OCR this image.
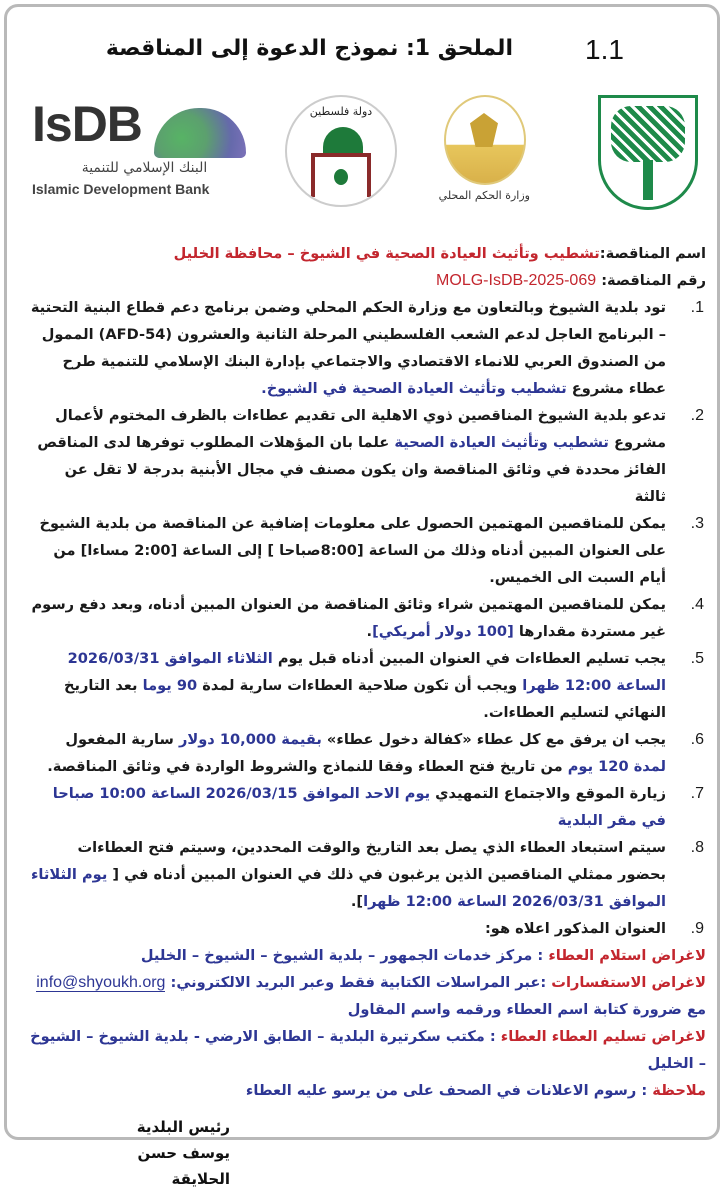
1.1
الملحق 1: نموذج الدعوة إلى المناقصة
IsDB
البنك الإسلامي للتنمية
Islamic Development Bank
دولة فلسطين
وزارة الحكم المحلي

اسم المناقصة:تشطيب وتأثيث العيادة الصحية في الشيوخ – محافظة الخليل

رقم المناقصة: MOLG-IsDB-2025-069

1.
تود بلدية الشيوخ وبالتعاون مع وزارة الحكم المحلي وضمن برنامج دعم قطاع البنية التحتية – البرنامج العاجل لدعم الشعب الفلسطيني المرحلة الثانية والعشرون (AFD-54) الممول من الصندوق العربي للانماء الاقتصادي والاجتماعي بإدارة البنك الإسلامي للتنمية طرح عطاء مشروع تشطيب وتأثيث العيادة الصحية في الشيوخ.

2.
تدعو بلدية الشيوخ المناقصين ذوي الاهلية الى تقديم عطاءات بالظرف المختوم لأعمال مشروع تشطيب وتأثيث العيادة الصحية علما بان المؤهلات المطلوب توفرها لدى المناقص الفائز محددة في وثائق المناقصة وان يكون مصنف في مجال الأبنية بدرجة لا تقل عن ثالثة

3.
يمكن للمناقصين المهتمين الحصول على معلومات إضافية عن المناقصة من بلدية الشيوخ على العنوان المبين أدناه وذلك من الساعة [8:00صباحا ] إلى الساعة [2:00 مساءا] من أيام السبت الى الخميس.

4.
يمكن للمناقصين المهتمين شراء وثائق المناقصة من العنوان المبين أدناه، وبعد دفع رسوم غير مستردة مقدارها [100 دولار أمريكي].

5.
يجب تسليم العطاءات في العنوان المبين أدناه قبل يوم الثلاثاء الموافق 2026/03/31 الساعة 12:00 ظهرا ويجب أن تكون صلاحية العطاءات سارية لمدة 90 يوما بعد التاريخ النهائي لتسليم العطاءات.

6.
يجب ان يرفق مع كل عطاء «كفالة دخول عطاء» بقيمة 10,000 دولار سارية المفعول لمدة 120 يوم من تاريخ فتح العطاء وفقا للنماذج والشروط الواردة في وثائق المناقصة.

7.
زيارة الموقع والاجتماع التمهيدي يوم الاحد الموافق 2026/03/15 الساعة 10:00 صباحا في مقر البلدية

8.
سيتم استبعاد العطاء الذي يصل بعد التاريخ والوقت المحددين، وسيتم فتح العطاءات بحضور ممثلي المناقصين الذين يرغبون في ذلك في العنوان المبين أدناه في [ يوم الثلاثاء الموافق 2026/03/31 الساعة 12:00 ظهرا].

9.
العنوان المذكور اعلاه هو:

لاغراض استلام العطاء : مركز خدمات الجمهور – بلدية الشيوخ – الشيوخ – الخليل

لاغراض الاستفسارات :عبر المراسلات الكتابية فقط وعبر البريد الالكتروني: info@shyoukh.org

مع ضرورة كتابة اسم العطاء ورقمه واسم المقاول

لاغراض تسليم العطاء العطاء : مكتب سكرتيرة البلدية – الطابق الارضي - بلدية الشيوخ – الشيوخ – الخليل

ملاحظة : رسوم الاعلانات في الصحف على من يرسو عليه العطاء

رئيس البلدية
يوسف حسن الحلايقة
